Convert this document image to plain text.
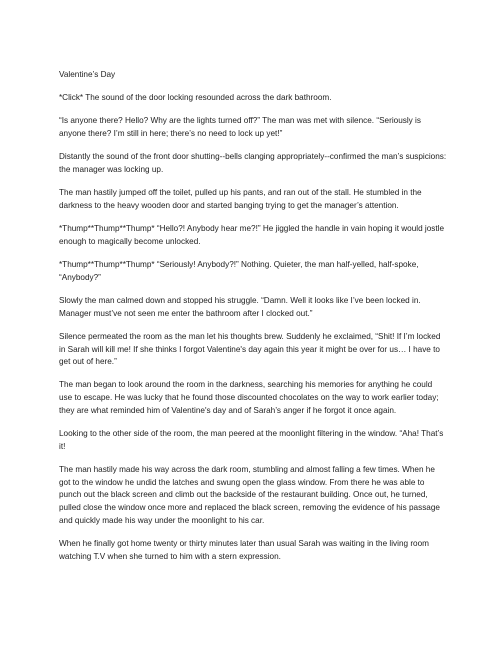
Valentine’s Day

*Click* The sound of the door locking resounded across the dark bathroom.

“Is anyone there? Hello? Why are the lights turned off?” The man was met with silence. “Seriously is anyone there? I’m still in here; there’s no need to lock up yet!”

Distantly the sound of the front door shutting--bells clanging appropriately--confirmed the man’s suspicions: the manager was locking up.

The man hastily jumped off the toilet, pulled up his pants, and ran out of the stall. He stumbled in the darkness to the heavy wooden door and started banging trying to get the manager’s attention.

*Thump**Thump**Thump* “Hello?! Anybody hear me?!” He jiggled the handle in vain hoping it would jostle enough to magically become unlocked.

*Thump**Thump**Thump* “Seriously! Anybody?!” Nothing. Quieter, the man half-yelled, half-spoke, “Anybody?”

Slowly the man calmed down and stopped his struggle. “Damn. Well it looks like I’ve been locked in. Manager must’ve not seen me enter the bathroom after I clocked out.”

Silence permeated the room as the man let his thoughts brew. Suddenly he exclaimed, “Shit! If I’m locked in Sarah will kill me! If she thinks I forgot Valentine's day again this year it might be over for us… I have to get out of here.”

The man began to look around the room in the darkness, searching his memories for anything he could use to escape. He was lucky that he found those discounted chocolates on the way to work earlier today; they are what reminded him of Valentine's day and of Sarah’s anger if he forgot it once again.

Looking to the other side of the room, the man peered at the moonlight filtering in the window. “Aha! That’s it!

The man hastily made his way across the dark room, stumbling and almost falling a few times. When he got to the window he undid the latches and swung open the glass window. From there he was able to punch out the black screen and climb out the backside of the restaurant building. Once out, he turned, pulled close the window once more and replaced the black screen, removing the evidence of his passage and quickly made his way under the moonlight to his car.

When he finally got home twenty or thirty minutes later than usual Sarah was waiting in the living room watching T.V when she turned to him with a stern expression.
